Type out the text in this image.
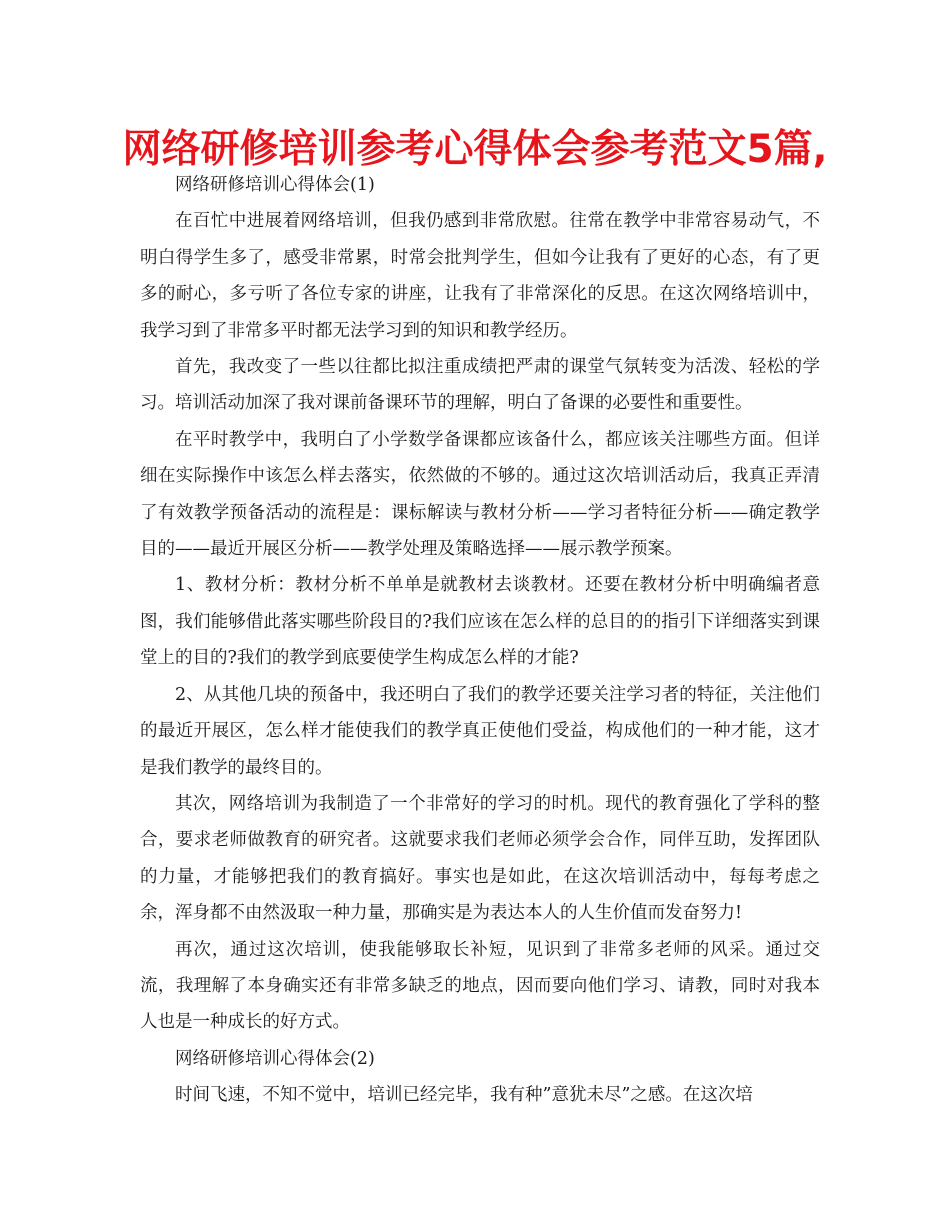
网络研修培训参考心得体会参考范文5篇,

网络研修培训心得体会(1)

在百忙中进展着网络培训，但我仍感到非常欣慰。往常在教学中非常容易动气，不明白得学生多了，感受非常累，时常会批判学生，但如今让我有了更好的心态，有了更多的耐心，多亏听了各位专家的讲座，让我有了非常深化的反思。在这次网络培训中，我学习到了非常多平时都无法学习到的知识和教学经历。

首先，我改变了一些以往都比拟注重成绩把严肃的课堂气氛转变为活泼、轻松的学习。培训活动加深了我对课前备课环节的理解，明白了备课的必要性和重要性。

在平时教学中，我明白了小学数学备课都应该备什么，都应该关注哪些方面。但详细在实际操作中该怎么样去落实，依然做的不够的。通过这次培训活动后，我真正弄清了有效教学预备活动的流程是：课标解读与教材分析——学习者特征分析——确定教学目的——最近开展区分析——教学处理及策略选择——展示教学预案。

1、教材分析：教材分析不单单是就教材去谈教材。还要在教材分析中明确编者意图，我们能够借此落实哪些阶段目的?我们应该在怎么样的总目的的指引下详细落实到课堂上的目的?我们的教学到底要使学生构成怎么样的才能?

2、从其他几块的预备中，我还明白了我们的教学还要关注学习者的特征，关注他们的最近开展区，怎么样才能使我们的教学真正使他们受益，构成他们的一种才能，这才是我们教学的最终目的。

其次，网络培训为我制造了一个非常好的学习的时机。现代的教育强化了学科的整合，要求老师做教育的研究者。这就要求我们老师必须学会合作，同伴互助，发挥团队的力量，才能够把我们的教育搞好。事实也是如此，在这次培训活动中，每每考虑之余，浑身都不由然汲取一种力量，那确实是为表达本人的人生价值而发奋努力!

再次，通过这次培训，使我能够取长补短，见识到了非常多老师的风采。通过交流，我理解了本身确实还有非常多缺乏的地点，因而要向他们学习、请教，同时对我本人也是一种成长的好方式。

网络研修培训心得体会(2)

时间飞速，不知不觉中，培训已经完毕，我有种”意犹未尽”之感。在这次培
